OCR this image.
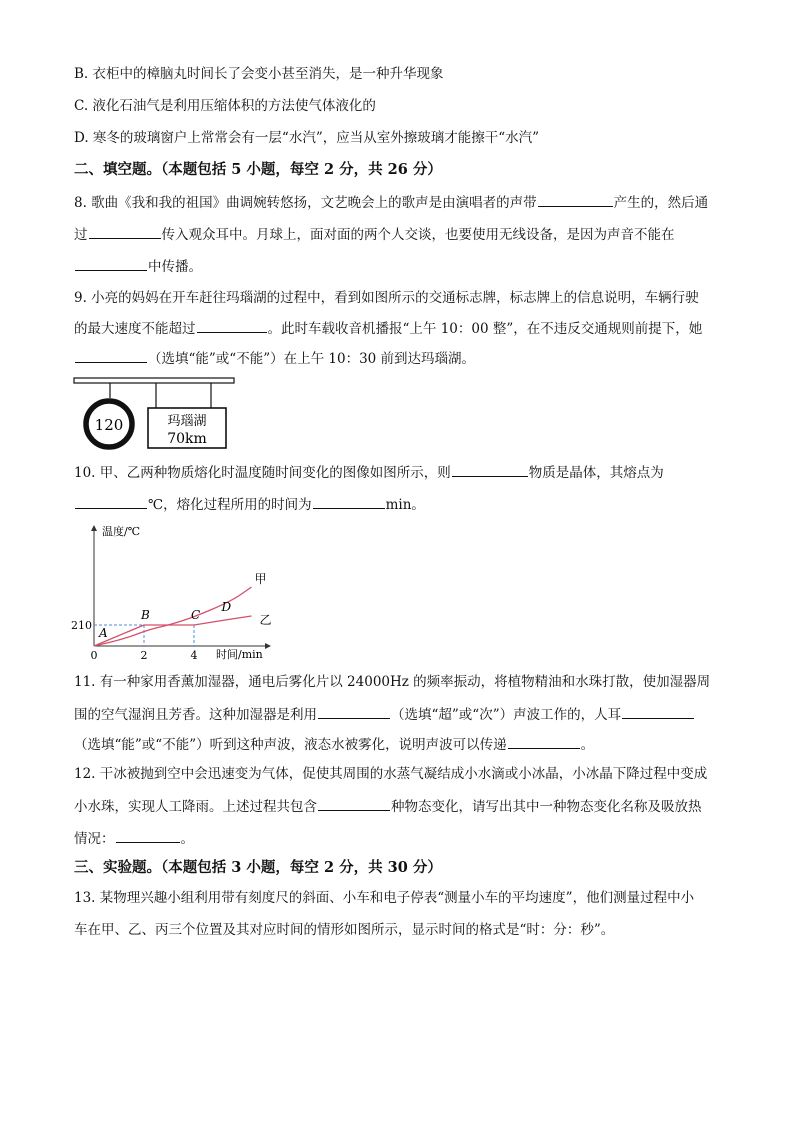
B. 衣柜中的樟脑丸时间长了会变小甚至消失，是一种升华现象
C. 液化石油气是利用压缩体积的方法使气体液化的
D. 寒冬的玻璃窗户上常常会有一层“水汽”，应当从室外擦玻璃才能擦干“水汽”
二、填空题。（本题包括 5 小题，每空 2 分，共 26 分）
8. 歌曲《我和我的祖国》曲调婉转悠扬，文艺晚会上的歌声是由演唱者的声带	产生的，然后通
过	传入观众耳中。月球上，面对面的两个人交谈，也要使用无线设备，是因为声音不能在
中传播。
9. 小亮的妈妈在开车赶往玛瑙湖的过程中，看到如图所示的交通标志牌，标志牌上的信息说明，车辆行驶
的最大速度不能超过	。此时车载收音机播报“上午 10：00 整”，在不违反交通规则前提下，她
（选填“能”或“不能”）在上午 10：30 前到达玛瑙湖。
120	玛瑙湖
70km
10. 甲、乙两种物质熔化时温度随时间变化的图像如图所示，则	物质是晶体，其熔点为
℃，熔化过程所用的时间为	min。
温度/℃
时间/min
0	2	4
210
甲
乙
A
B	C
D
11. 有一种家用香薰加湿器，通电后雾化片以 24000Hz 的频率振动，将植物精油和水珠打散，使加湿器周
围的空气湿润且芳香。这种加湿器是利用	（选填“超”或“次”）声波工作的，人耳
（选填“能”或“不能”）听到这种声波，液态水被雾化，说明声波可以传递	。
12. 干冰被抛到空中会迅速变为气体，促使其周围的水蒸气凝结成小水滴或小冰晶，小冰晶下降过程中变成
小水珠，实现人工降雨。上述过程共包含	种物态变化，请写出其中一种物态变化名称及吸放热
情况：	。
三、实验题。（本题包括 3 小题，每空 2 分，共 30 分）
13. 某物理兴趣小组利用带有刻度尺的斜面、小车和电子停表“测量小车的平均速度”，他们测量过程中小
车在甲、乙、丙三个位置及其对应时间的情形如图所示，显示时间的格式是“时：分：秒”。
